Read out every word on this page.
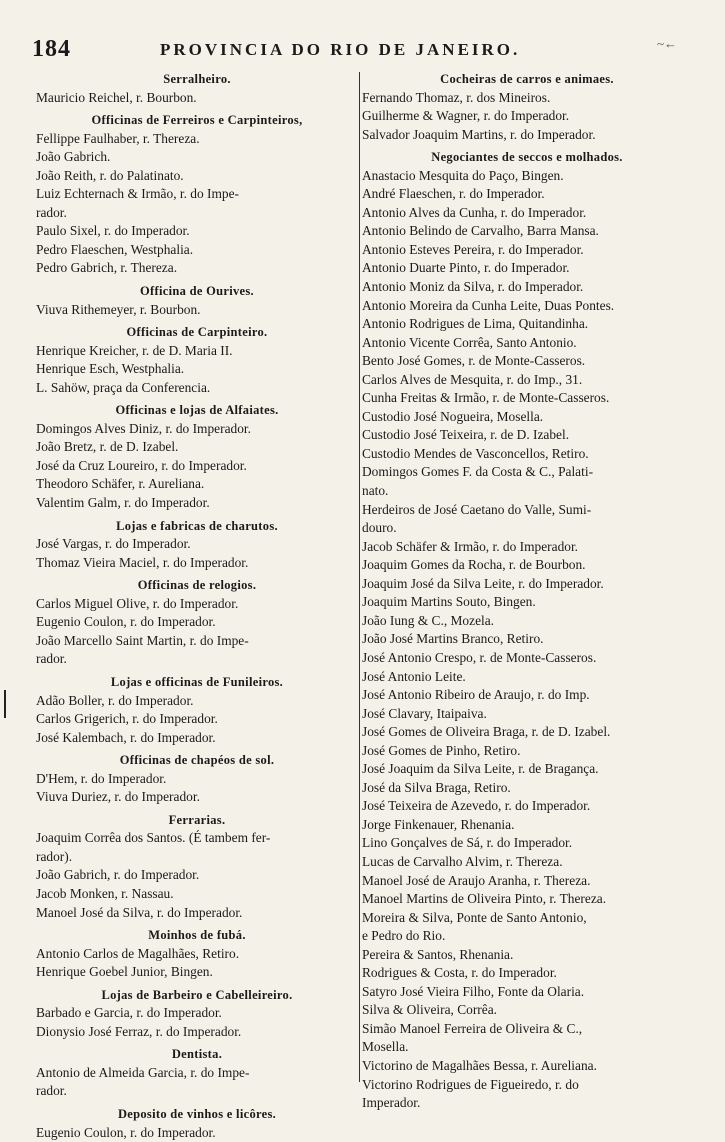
184	PROVINCIA DO RIO DE JANEIRO.	~←
Serralheiro.
Mauricio Reichel, r. Bourbon.
Officinas de Ferreiros e Carpinteiros,
Fellippe Faulhaber, r. Thereza.
João Gabrich.
João Reith, r. do Palatinato.
Luiz Echternach & Irmão, r. do Impe-
rador.
Paulo Sixel, r. do Imperador.
Pedro Flaeschen, Westphalia.
Pedro Gabrich, r. Thereza.
Officina de Ourives.
Viuva Rithemeyer, r. Bourbon.
Officinas de Carpinteiro.
Henrique Kreicher, r. de D. Maria II.
Henrique Esch, Westphalia.
L. Sahöw, praça da Conferencia.
Officinas e lojas de Alfaiates.
Domingos Alves Diniz, r. do Imperador.
João Bretz, r. de D. Izabel.
José da Cruz Loureiro, r. do Imperador.
Theodoro Schäfer, r. Aureliana.
Valentim Galm, r. do Imperador.
Lojas e fabricas de charutos.
José Vargas, r. do Imperador.
Thomaz Vieira Maciel, r. do Imperador.
Officinas de relogios.
Carlos Miguel Olive, r. do Imperador.
Eugenio Coulon, r. do Imperador.
João Marcello Saint Martin, r. do Impe-
rador.
Lojas e officinas de Funileiros.
Adão Boller, r. do Imperador.
Carlos Grigerich, r. do Imperador.
José Kalembach, r. do Imperador.
Officinas de chapéos de sol.
D'Hem, r. do Imperador.
Viuva Duriez, r. do Imperador.
Ferrarias.
Joaquim Corrêa dos Santos. (É tambem fer-
rador).
João Gabrich, r. do Imperador.
Jacob Monken, r. Nassau.
Manoel José da Silva, r. do Imperador.
Moinhos de fubá.
Antonio Carlos de Magalhães, Retiro.
Henrique Goebel Junior, Bingen.
Lojas de Barbeiro e Cabelleireiro.
Barbado e Garcia, r. do Imperador.
Dionysio José Ferraz, r. do Imperador.
Dentista.
Antonio de Almeida Garcia, r. do Impe-
rador.
Deposito de vinhos e licôres.
Eugenio Coulon, r. do Imperador.
Cocheiras de carros e animaes.
Fernando Thomaz, r. dos Mineiros.
Guilherme & Wagner, r. do Imperador.
Salvador Joaquim Martins, r. do Imperador.
Negociantes de seccos e molhados.
Anastacio Mesquita do Paço, Bingen.
André Flaeschen, r. do Imperador.
Antonio Alves da Cunha, r. do Imperador.
Antonio Belindo de Carvalho, Barra Mansa.
Antonio Esteves Pereira, r. do Imperador.
Antonio Duarte Pinto, r. do Imperador.
Antonio Moniz da Silva, r. do Imperador.
Antonio Moreira da Cunha Leite, Duas Pontes.
Antonio Rodrigues de Lima, Quitandinha.
Antonio Vicente Corrêa, Santo Antonio.
Bento José Gomes, r. de Monte-Casseros.
Carlos Alves de Mesquita, r. do Imp., 31.
Cunha Freitas & Irmão, r. de Monte-Casseros.
Custodio José Nogueira, Mosella.
Custodio José Teixeira, r. de D. Izabel.
Custodio Mendes de Vasconcellos, Retiro.
Domingos Gomes F. da Costa & C., Palati-
nato.
Herdeiros de José Caetano do Valle, Sumi-
douro.
Jacob Schäfer & Irmão, r. do Imperador.
Joaquim Gomes da Rocha, r. de Bourbon.
Joaquim José da Silva Leite, r. do Imperador.
Joaquim Martins Souto, Bingen.
João Iung & C., Mozela.
João José Martins Branco, Retiro.
José Antonio Crespo, r. de Monte-Casseros.
José Antonio Leite.
José Antonio Ribeiro de Araujo, r. do Imp.
José Clavary, Itaipaiva.
José Gomes de Oliveira Braga, r. de D. Izabel.
José Gomes de Pinho, Retiro.
José Joaquim da Silva Leite, r. de Bragança.
José da Silva Braga, Retiro.
José Teixeira de Azevedo, r. do Imperador.
Jorge Finkenauer, Rhenania.
Lino Gonçalves de Sá, r. do Imperador.
Lucas de Carvalho Alvim, r. Thereza.
Manoel José de Araujo Aranha, r. Thereza.
Manoel Martins de Oliveira Pinto, r. Thereza.
Moreira & Silva, Ponte de Santo Antonio,
e Pedro do Rio.
Pereira & Santos, Rhenania.
Rodrigues & Costa, r. do Imperador.
Satyro José Vieira Filho, Fonte da Olaria.
Silva & Oliveira, Corrêa.
Simão Manoel Ferreira de Oliveira & C.,
Mosella.
Victorino de Magalhães Bessa, r. Aureliana.
Victorino Rodrigues de Figueiredo, r. do
Imperador.
